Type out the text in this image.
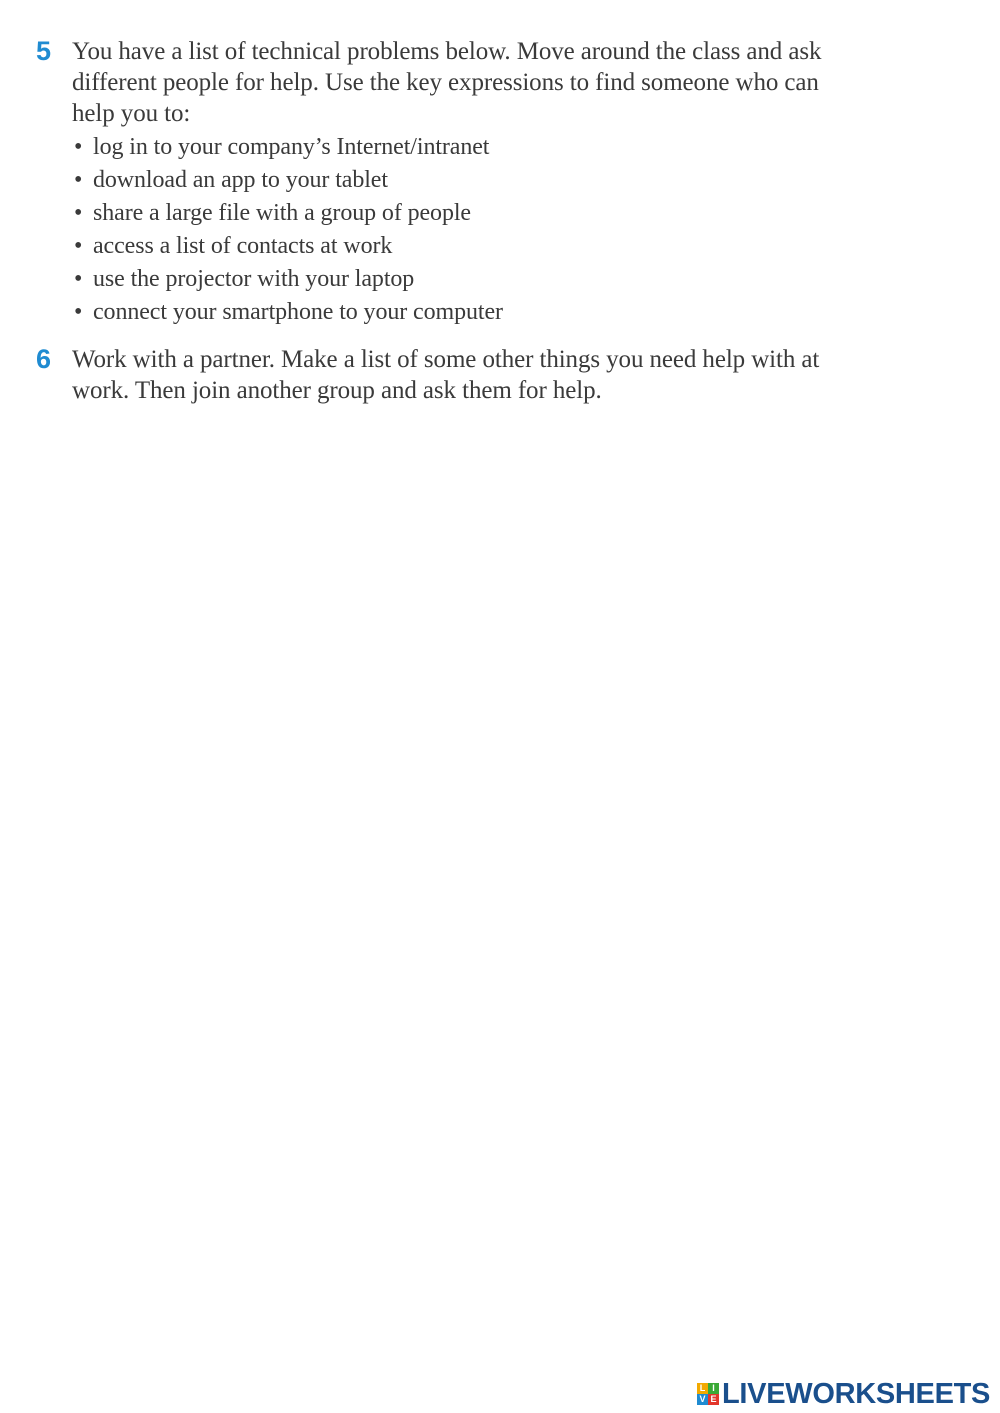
5 You have a list of technical problems below. Move around the class and ask
different people for help. Use the key expressions to find someone who can
help you to:
• log in to your company’s Internet/intranet
• download an app to your tablet
• share a large file with a group of people
• access a list of contacts at work
• use the projector with your laptop
• connect your smartphone to your computer
6 Work with a partner. Make a list of some other things you need help with at
work. Then join another group and ask them for help.
L I
V E LIVEWORKSHEETS
